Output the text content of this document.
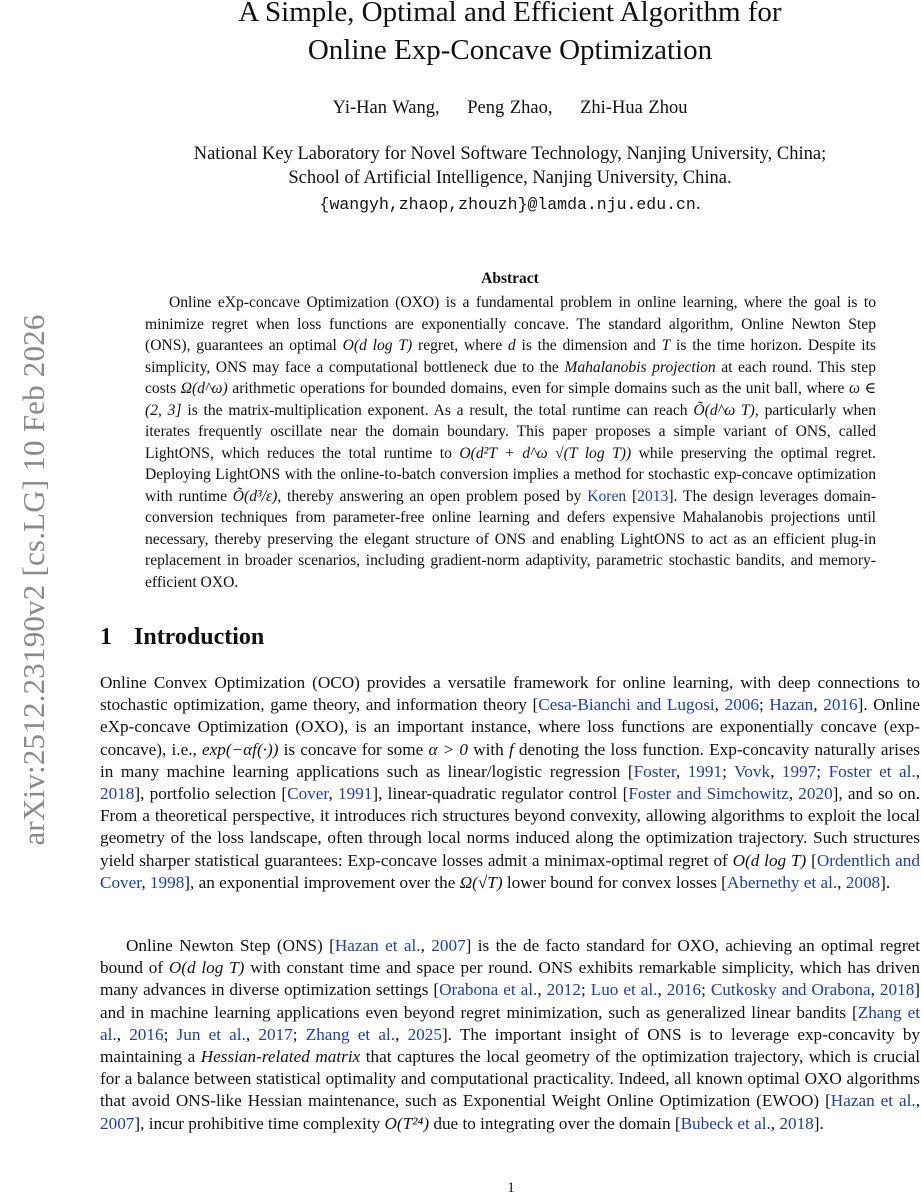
arXiv:2512.23190v2 [cs.LG] 10 Feb 2026
A Simple, Optimal and Efficient Algorithm for
Online Exp-Concave Optimization
Yi-Han Wang, Peng Zhao, Zhi-Hua Zhou
National Key Laboratory for Novel Software Technology, Nanjing University, China;
School of Artificial Intelligence, Nanjing University, China.
{wangyh,zhaop,zhouzh}@lamda.nju.edu.cn.
Abstract

Online eXp-concave Optimization (OXO) is a fundamental problem in online learning, where the goal is to minimize regret when loss functions are exponentially concave. The standard algorithm, Online Newton Step (ONS), guarantees an optimal O(d log T) regret, where d is the dimension and T is the time horizon. Despite its simplicity, ONS may face a computational bottleneck due to the Mahalanobis projection at each round. This step costs Ω(d^ω) arithmetic operations for bounded domains, even for simple domains such as the unit ball, where ω ∈ (2, 3] is the matrix-multiplication exponent. As a result, the total runtime can reach Õ(d^ω T), particularly when iterates frequently oscillate near the domain boundary. This paper proposes a simple variant of ONS, called LightONS, which reduces the total runtime to O(d²T + d^ω √(T log T)) while preserving the optimal regret. Deploying LightONS with the online-to-batch conversion implies a method for stochastic exp-concave optimization with runtime Õ(d³/ε), thereby answering an open problem posed by Koren [2013]. The design leverages domain-conversion techniques from parameter-free online learning and defers expensive Mahalanobis projections until necessary, thereby preserving the elegant structure of ONS and enabling LightONS to act as an efficient plug-in replacement in broader scenarios, including gradient-norm adaptivity, parametric stochastic bandits, and memory-efficient OXO.

1 Introduction

Online Convex Optimization (OCO) provides a versatile framework for online learning, with deep connections to stochastic optimization, game theory, and information theory [Cesa-Bianchi and Lugosi, 2006; Hazan, 2016]. Online eXp-concave Optimization (OXO), is an important instance, where loss functions are exponentially concave (exp-concave), i.e., exp(−αf(·)) is concave for some α > 0 with f denoting the loss function. Exp-concavity naturally arises in many machine learning applications such as linear/logistic regression [Foster, 1991; Vovk, 1997; Foster et al., 2018], portfolio selection [Cover, 1991], linear-quadratic regulator control [Foster and Simchowitz, 2020], and so on. From a theoretical perspective, it introduces rich structures beyond convexity, allowing algorithms to exploit the local geometry of the loss landscape, often through local norms induced along the optimization trajectory. Such structures yield sharper statistical guarantees: Exp-concave losses admit a minimax-optimal regret of O(d log T) [Ordentlich and Cover, 1998], an exponential improvement over the Ω(√T) lower bound for convex losses [Abernethy et al., 2008].

Online Newton Step (ONS) [Hazan et al., 2007] is the de facto standard for OXO, achieving an optimal regret bound of O(d log T) with constant time and space per round. ONS exhibits remarkable simplicity, which has driven many advances in diverse optimization settings [Orabona et al., 2012; Luo et al., 2016; Cutkosky and Orabona, 2018] and in machine learning applications even beyond regret minimization, such as generalized linear bandits [Zhang et al., 2016; Jun et al., 2017; Zhang et al., 2025]. The important insight of ONS is to leverage exp-concavity by maintaining a Hessian-related matrix that captures the local geometry of the optimization trajectory, which is crucial for a balance between statistical optimality and computational practicality. Indeed, all known optimal OXO algorithms that avoid ONS-like Hessian maintenance, such as Exponential Weight Online Optimization (EWOO) [Hazan et al., 2007], incur prohibitive time complexity O(T²⁴) due to integrating over the domain [Bubeck et al., 2018].

1
